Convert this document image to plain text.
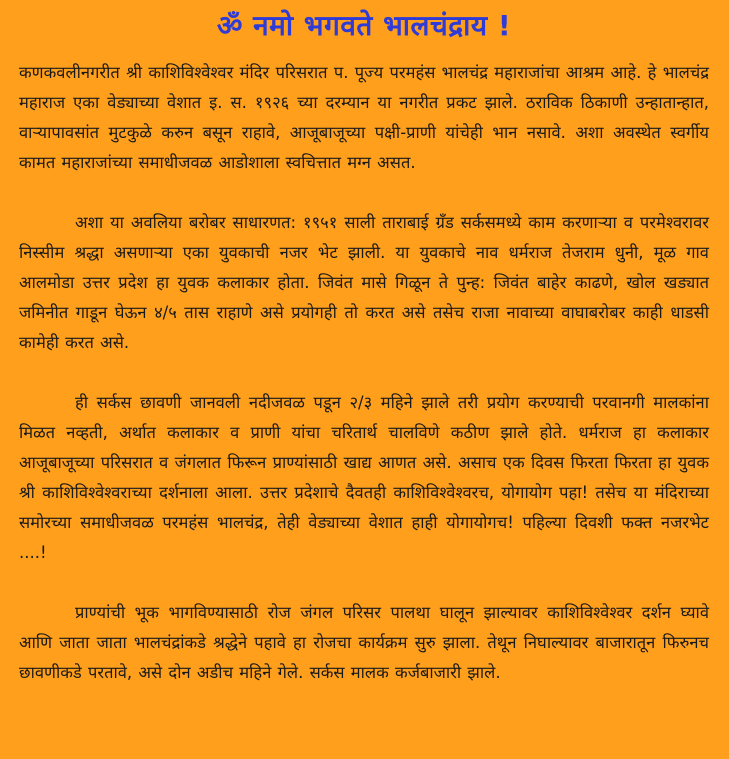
ॐ नमो भगवते भालचंद्राय !

कणकवलीनगरीत श्री काशिविश्वेश्वर मंदिर परिसरात प. पूज्य परमहंस भालचंद्र महाराजांचा आश्रम आहे. हे भालचंद्र महाराज एका वेड्याच्या वेशात इ. स. १९२६ च्या दरम्यान या नगरीत प्रकट झाले. ठराविक ठिकाणी उन्हातान्हात, वाऱ्यापावसांत मुटकुळे करुन बसून राहावे, आजूबाजूच्या पक्षी-प्राणी यांचेही भान नसावे. अशा अवस्थेत स्वर्गीय कामत महाराजांच्या समाधीजवळ आडोशाला स्वचित्तात मग्न असत.

अशा या अवलिया बरोबर साधारणत: १९५१ साली ताराबाई ग्रँड सर्कसमध्ये काम करणाऱ्या व परमेश्वरावर निस्सीम श्रद्धा असणाऱ्या एका युवकाची नजर भेट झाली. या युवकाचे नाव धर्मराज तेजराम धुनी, मूळ गाव आलमोडा उत्तर प्रदेश हा युवक कलाकार होता. जिवंत मासे गिळून ते पुन्ह: जिवंत बाहेर काढणे, खोल खड्यात जमिनीत गाडून घेऊन ४/५ तास राहाणे असे प्रयोगही तो करत असे तसेच राजा नावाच्या वाघाबरोबर काही धाडसी कामेही करत असे.

ही सर्कस छावणी जानवली नदीजवळ पडून २/३ महिने झाले तरी प्रयोग करण्याची परवानगी मालकांना मिळत नव्हती, अर्थात कलाकार व प्राणी यांचा चरितार्थ चालविणे कठीण झाले होते. धर्मराज हा कलाकार आजूबाजूच्या परिसरात व जंगलात फिरून प्राण्यांसाठी खाद्य आणत असे. असाच एक दिवस फिरता फिरता हा युवक श्री काशिविश्वेश्वराच्या दर्शनाला आला. उत्तर प्रदेशाचे दैवतही काशिविश्वेश्वरच, योगायोग पहा! तसेच या मंदिराच्या समोरच्या समाधीजवळ परमहंस भालचंद्र, तेही वेड्याच्या वेशात हाही योगायोगच! पहिल्या दिवशी फक्त नजरभेट ....!

प्राण्यांची भूक भागविण्यासाठी रोज जंगल परिसर पालथा घालून झाल्यावर काशिविश्वेश्वर दर्शन घ्यावे आणि जाता जाता भालचंद्रांकडे श्रद्धेने पहावे हा रोजचा कार्यक्रम सुरु झाला. तेथून निघाल्यावर बाजारातून फिरुनच छावणीकडे परतावे, असे दोन अडीच महिने गेले. सर्कस मालक कर्जबाजारी झाले.
